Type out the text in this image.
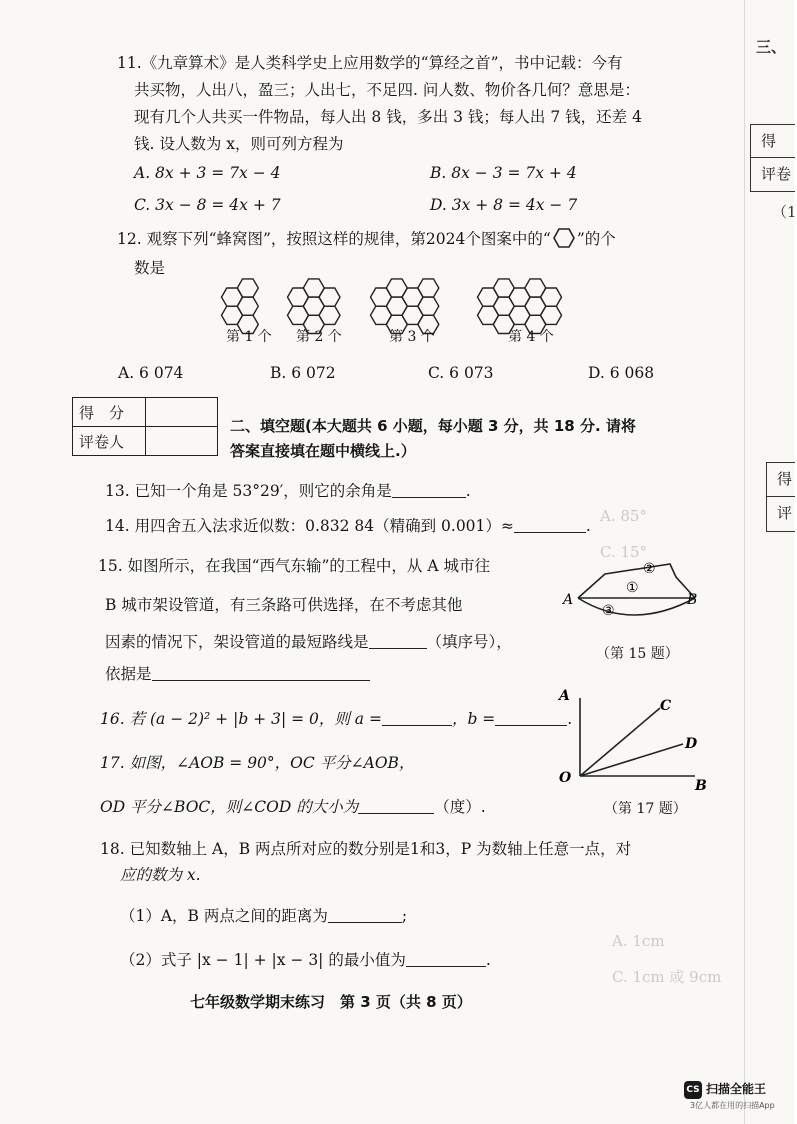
11.《九章算术》是人类科学史上应用数学的“算经之首”，书中记载：今有
共买物，人出八，盈三；人出七，不足四. 问人数、物价各几何？意思是：
现有几个人共买一件物品，每人出 8 钱，多出 3 钱；每人出 7 钱，还差 4
钱. 设人数为 x，则可列方程为
A. 8x + 3 = 7x − 4	B. 8x − 3 = 7x + 4
C. 3x − 8 = 4x + 7	D. 3x + 8 = 4x − 7
12. 观察下列“蜂窝图”，按照这样的规律，第2024个图案中的“ ”的个
数是
第 1 个 第 2 个	第 3 个	第 4 个
A. 6 074	B. 6 072	C. 6 073	D. 6 068
A. 85°
C. 15°
A. 1cm
C. 1cm 或 9cm
得　分	
评卷人	
二、填空题(本大题共 6 小题，每小题 3 分，共 18 分. 请将
答案直接填在题中横线上.）
13. 已知一个角是 53°29′，则它的余角是	.
14. 用四舍五入法求近似数：0.832 84（精确到 0.001）≈	.
15. 如图所示，在我国“西气东输”的工程中，从 A 城市往
B 城市架设管道，有三条路可供选择，在不考虑其他
因素的情况下，架设管道的最短路线是	（填序号），
依据是
A	B
①
②
③
（第 15 题）
16. 若 (a − 2)² + |b + 3| = 0，则 a =	，b =	.
17. 如图，∠AOB = 90°，OC 平分∠AOB，
OD 平分∠BOC，则∠COD 的大小为	（度）.
O
A
B
C
D
（第 17 题）
18. 已知数轴上 A，B 两点所对应的数分别是1和3，P 为数轴上任意一点，对
应的数为 x.
（1）A，B 两点之间的距离为	;
（2）式子 |x − 1| + |x − 3| 的最小值为	.
七年级数学期末练习　第 3 页（共 8 页）
三、
得
评卷
（1
得
评
CS 扫描全能王
3亿人都在用的扫描App
